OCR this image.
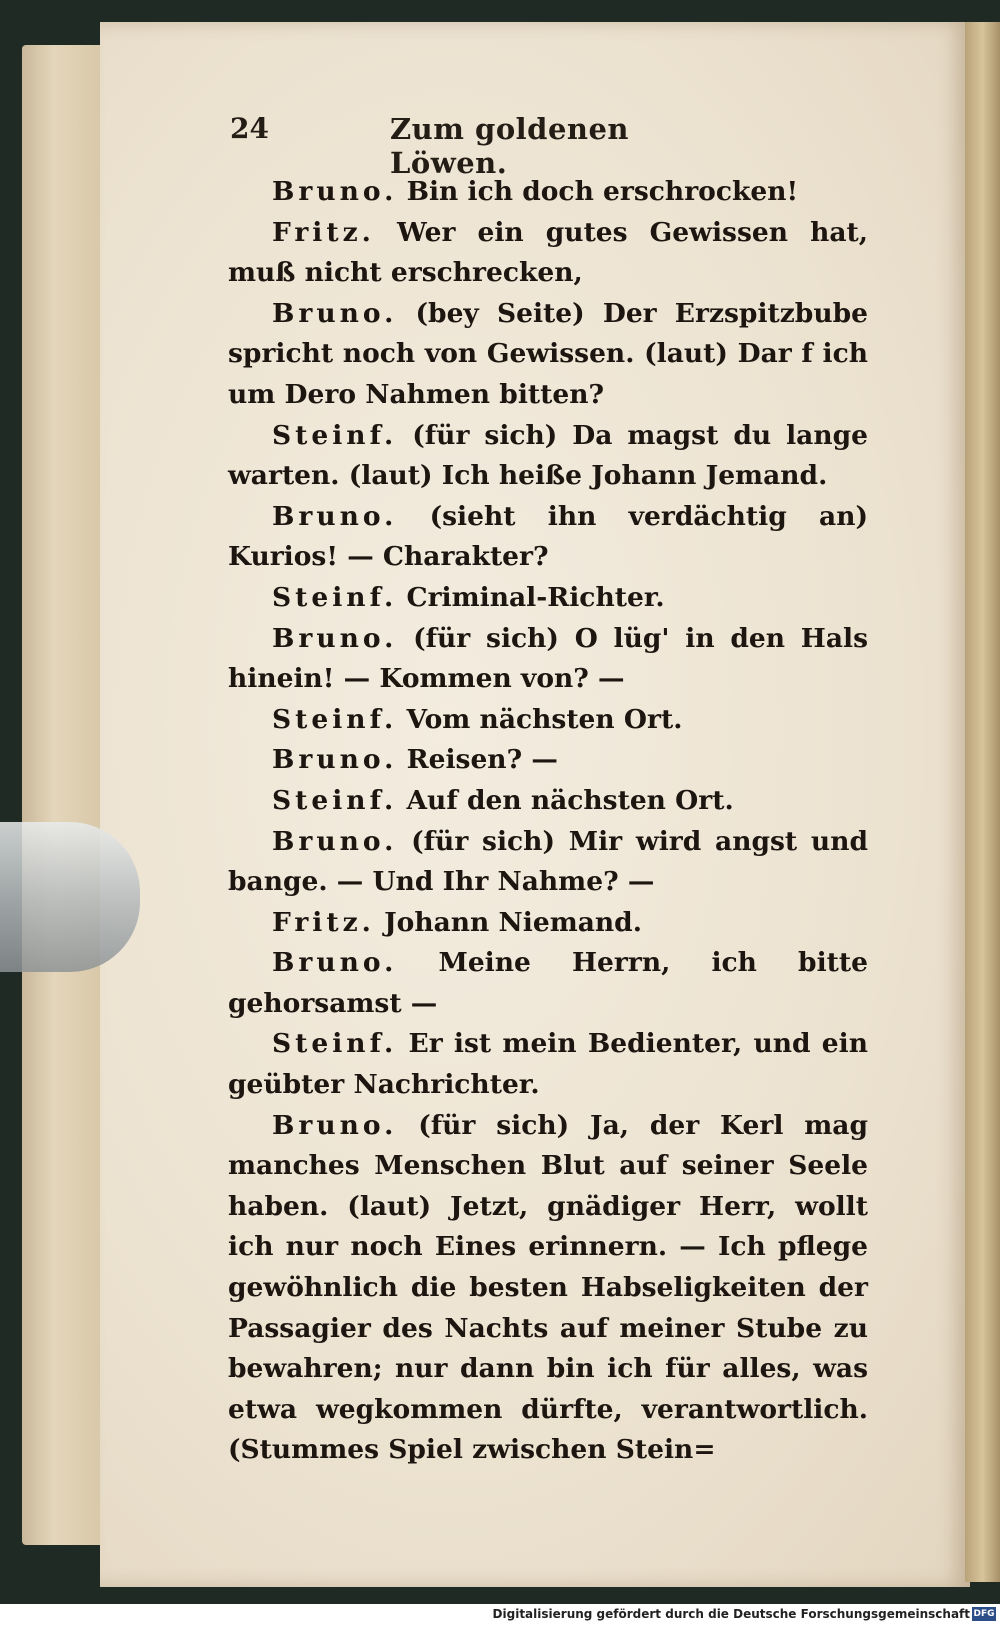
24	Zum goldenen Löwen.

Bruno. Bin ich doch erschrocken!

Fritz. Wer ein gutes Gewissen hat, muß nicht erschrecken,

Bruno. (bey Seite) Der Erzspitzbube spricht noch von Gewissen. (laut) Dar f ich um Dero Nahmen bitten?

Steinf. (für sich) Da magst du lange warten. (laut) Ich heiße Johann Jemand.

Bruno. (sieht ihn verdächtig an) Kurios! — Charakter?

Steinf. Criminal-Richter.

Bruno. (für sich) O lüg' in den Hals hinein! — Kommen von? —

Steinf. Vom nächsten Ort.

Bruno. Reisen? —

Steinf. Auf den nächsten Ort.

Bruno. (für sich) Mir wird angst und bange. — Und Ihr Nahme? —

Fritz. Johann Niemand.

Bruno. Meine Herrn, ich bitte gehorsamst —

Steinf. Er ist mein Bedienter, und ein geübter Nachrichter.

Bruno. (für sich) Ja, der Kerl mag manches Menschen Blut auf seiner Seele haben. (laut) Jetzt, gnädiger Herr, wollt ich nur noch Eines erinnern. — Ich pflege gewöhnlich die besten Habseligkeiten der Passagier des Nachts auf meiner Stube zu bewahren; nur dann bin ich für alles, was etwa wegkommen dürfte, verantwortlich. (Stummes Spiel zwischen Stein=

Digitalisierung gefördert durch die Deutsche Forschungsgemeinschaft DFG
